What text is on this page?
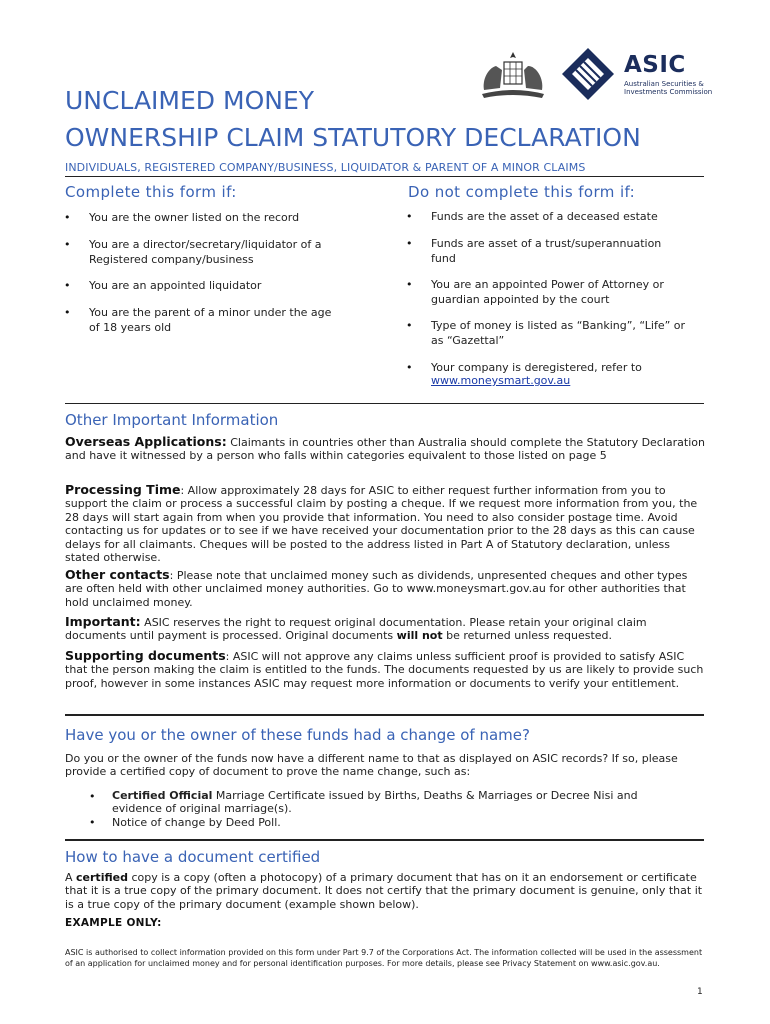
ASIC
Australian Securities &
Investments Commission
UNCLAIMED MONEY
OWNERSHIP CLAIM STATUTORY DECLARATION
INDIVIDUALS, REGISTERED COMPANY/BUSINESS, LIQUIDATOR & PARENT OF A MINOR CLAIMS
Complete this form if:
• You are the owner listed on the record
• You are a director/secretary/liquidator of a
Registered company/business
• You are an appointed liquidator
• You are the parent of a minor under the age
of 18 years old
Do not complete this form if:
• Funds are the asset of a deceased estate
• Funds are asset of a trust/superannuation
fund
• You are an appointed Power of Attorney or
guardian appointed by the court
• Type of money is listed as “Banking”, “Life” or
as “Gazettal”
• Your company is deregistered, refer to
www.moneysmart.gov.au
Other Important Information
Overseas Applications: Claimants in countries other than Australia should complete the Statutory Declaration and have it witnessed by a person who falls within categories equivalent to those listed on page 5
Processing Time: Allow approximately 28 days for ASIC to either request further information from you to support the claim or process a successful claim by posting a cheque. If we request more information from you, the 28 days will start again from when you provide that information. You need to also consider postage time. Avoid contacting us for updates or to see if we have received your documentation prior to the 28 days as this can cause delays for all claimants. Cheques will be posted to the address listed in Part A of Statutory declaration, unless stated otherwise.
Other contacts: Please note that unclaimed money such as dividends, unpresented cheques and other types are often held with other unclaimed money authorities. Go to www.moneysmart.gov.au for other authorities that hold unclaimed money.
Important: ASIC reserves the right to request original documentation. Please retain your original claim documents until payment is processed. Original documents will not be returned unless requested.
Supporting documents: ASIC will not approve any claims unless sufficient proof is provided to satisfy ASIC that the person making the claim is entitled to the funds. The documents requested by us are likely to provide such proof, however in some instances ASIC may request more information or documents to verify your entitlement.
Have you or the owner of these funds had a change of name?
Do you or the owner of the funds now have a different name to that as displayed on ASIC records? If so, please provide a certified copy of document to prove the name change, such as:
• Certified Official Marriage Certificate issued by Births, Deaths & Marriages or Decree Nisi and
evidence of original marriage(s).
• Notice of change by Deed Poll.
How to have a document certified
A certified copy is a copy (often a photocopy) of a primary document that has on it an endorsement or certificate that it is a true copy of the primary document. It does not certify that the primary document is genuine, only that it is a true copy of the primary document (example shown below).
EXAMPLE ONLY:
ASIC is authorised to collect information provided on this form under Part 9.7 of the Corporations Act. The information collected will be used in the assessment of an application for unclaimed money and for personal identification purposes. For more details, please see Privacy Statement on www.asic.gov.au.
1
